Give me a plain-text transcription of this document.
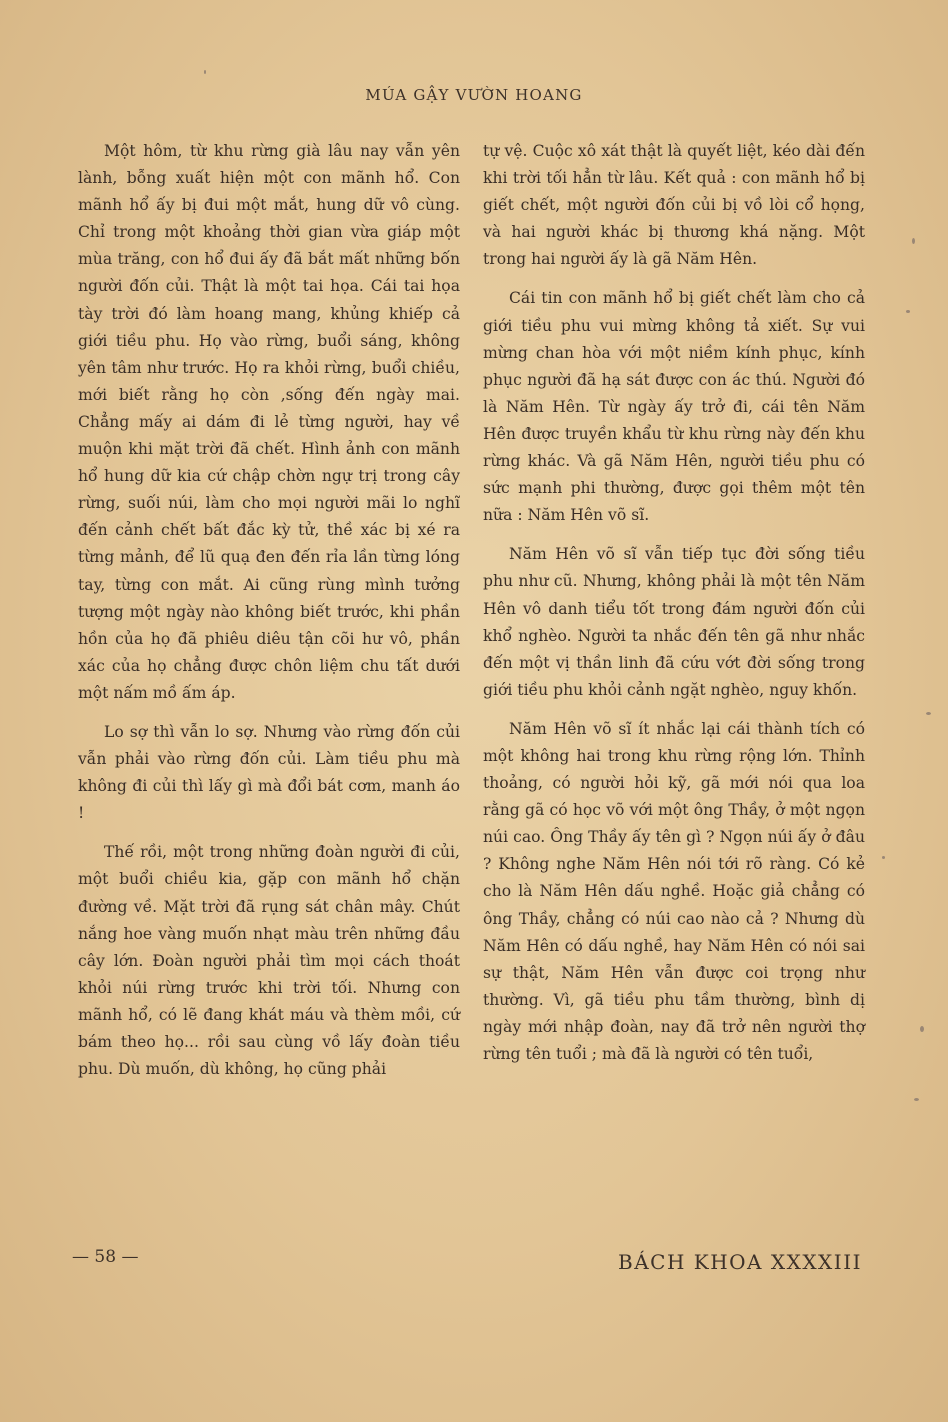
MÚA GẬY VƯỜN HOANG

Một hôm, từ khu rừng già lâu nay vẫn yên lành, bỗng xuất hiện một con mãnh hổ. Con mãnh hổ ấy bị đui một mắt, hung dữ vô cùng. Chỉ trong một khoảng thời gian vừa giáp một mùa trăng, con hổ đui ấy đã bắt mất những bốn người đốn củi. Thật là một tai họa. Cái tai họa tày trời đó làm hoang mang, khủng khiếp cả giới tiều phu. Họ vào rừng, buổi sáng, không yên tâm như trước. Họ ra khỏi rừng, buổi chiều, mới biết rằng họ còn ,sống đến ngày mai. Chẳng mấy ai dám đi lẻ từng người, hay về muộn khi mặt trời đã chết. Hình ảnh con mãnh hổ hung dữ kia cứ chập chờn ngự trị trong cây rừng, suối núi, làm cho mọi người mãi lo nghĩ đến cảnh chết bất đắc kỳ tử, thề xác bị xé ra từng mảnh, để lũ quạ đen đến rỉa lần từng lóng tay, từng con mắt. Ai cũng rùng mình tưởng tượng một ngày nào không biết trước, khi phần hồn của họ đã phiêu diêu tận cõi hư vô, phần xác của họ chẳng được chôn liệm chu tất dưới một nấm mồ ấm áp.

Lo sợ thì vẫn lo sợ. Nhưng vào rừng đốn củi vẫn phải vào rừng đốn củi. Làm tiều phu mà không đi củi thì lấy gì mà đổi bát cơm, manh áo !

Thế rồi, một trong những đoàn người đi củi, một buổi chiều kia, gặp con mãnh hổ chặn đường về. Mặt trời đã rụng sát chân mây. Chút nắng hoe vàng muốn nhạt màu trên những đầu cây lớn. Đoàn người phải tìm mọi cách thoát khỏi núi rừng trước khi trời tối. Nhưng con mãnh hổ, có lẽ đang khát máu và thèm mồi, cứ bám theo họ... rồi sau cùng vồ lấy đoàn tiều phu. Dù muốn, dù không, họ cũng phải

tự vệ. Cuộc xô xát thật là quyết liệt, kéo dài đến khi trời tối hẳn từ lâu. Kết quả : con mãnh hổ bị giết chết, một người đốn củi bị vồ lòi cổ họng, và hai người khác bị thương khá nặng. Một trong hai người ấy là gã Năm Hên.

Cái tin con mãnh hổ bị giết chết làm cho cả giới tiều phu vui mừng không tả xiết. Sự vui mừng chan hòa với một niềm kính phục, kính phục người đã hạ sát được con ác thú. Người đó là Năm Hên. Từ ngày ấy trở đi, cái tên Năm Hên được truyền khẩu từ khu rừng này đến khu rừng khác. Và gã Năm Hên, người tiều phu có sức mạnh phi thường, được gọi thêm một tên nữa : Năm Hên võ sĩ.

Năm Hên võ sĩ vẫn tiếp tục đời sống tiều phu như cũ. Nhưng, không phải là một tên Năm Hên vô danh tiểu tốt trong đám người đốn củi khổ nghèo. Người ta nhắc đến tên gã như nhắc đến một vị thần linh đã cứu vớt đời sống trong giới tiều phu khỏi cảnh ngặt nghèo, nguy khốn.

Năm Hên võ sĩ ít nhắc lại cái thành tích có một không hai trong khu rừng rộng lớn. Thỉnh thoảng, có người hỏi kỹ, gã mới nói qua loa rằng gã có học võ với một ông Thầy, ở một ngọn núi cao. Ông Thầy ấy tên gì ? Ngọn núi ấy ở đâu ? Không nghe Năm Hên nói tới rõ ràng. Có kẻ cho là Năm Hên dấu nghề. Hoặc giả chẳng có ông Thầy, chẳng có núi cao nào cả ? Nhưng dù Năm Hên có dấu nghề, hay Năm Hên có nói sai sự thật, Năm Hên vẫn được coi trọng như thường. Vì, gã tiều phu tầm thường, bình dị ngày mới nhập đoàn, nay đã trở nên người thợ rừng tên tuổi ; mà đã là người có tên tuổi,

— 58 —	BÁCH KHOA XXXXIII
